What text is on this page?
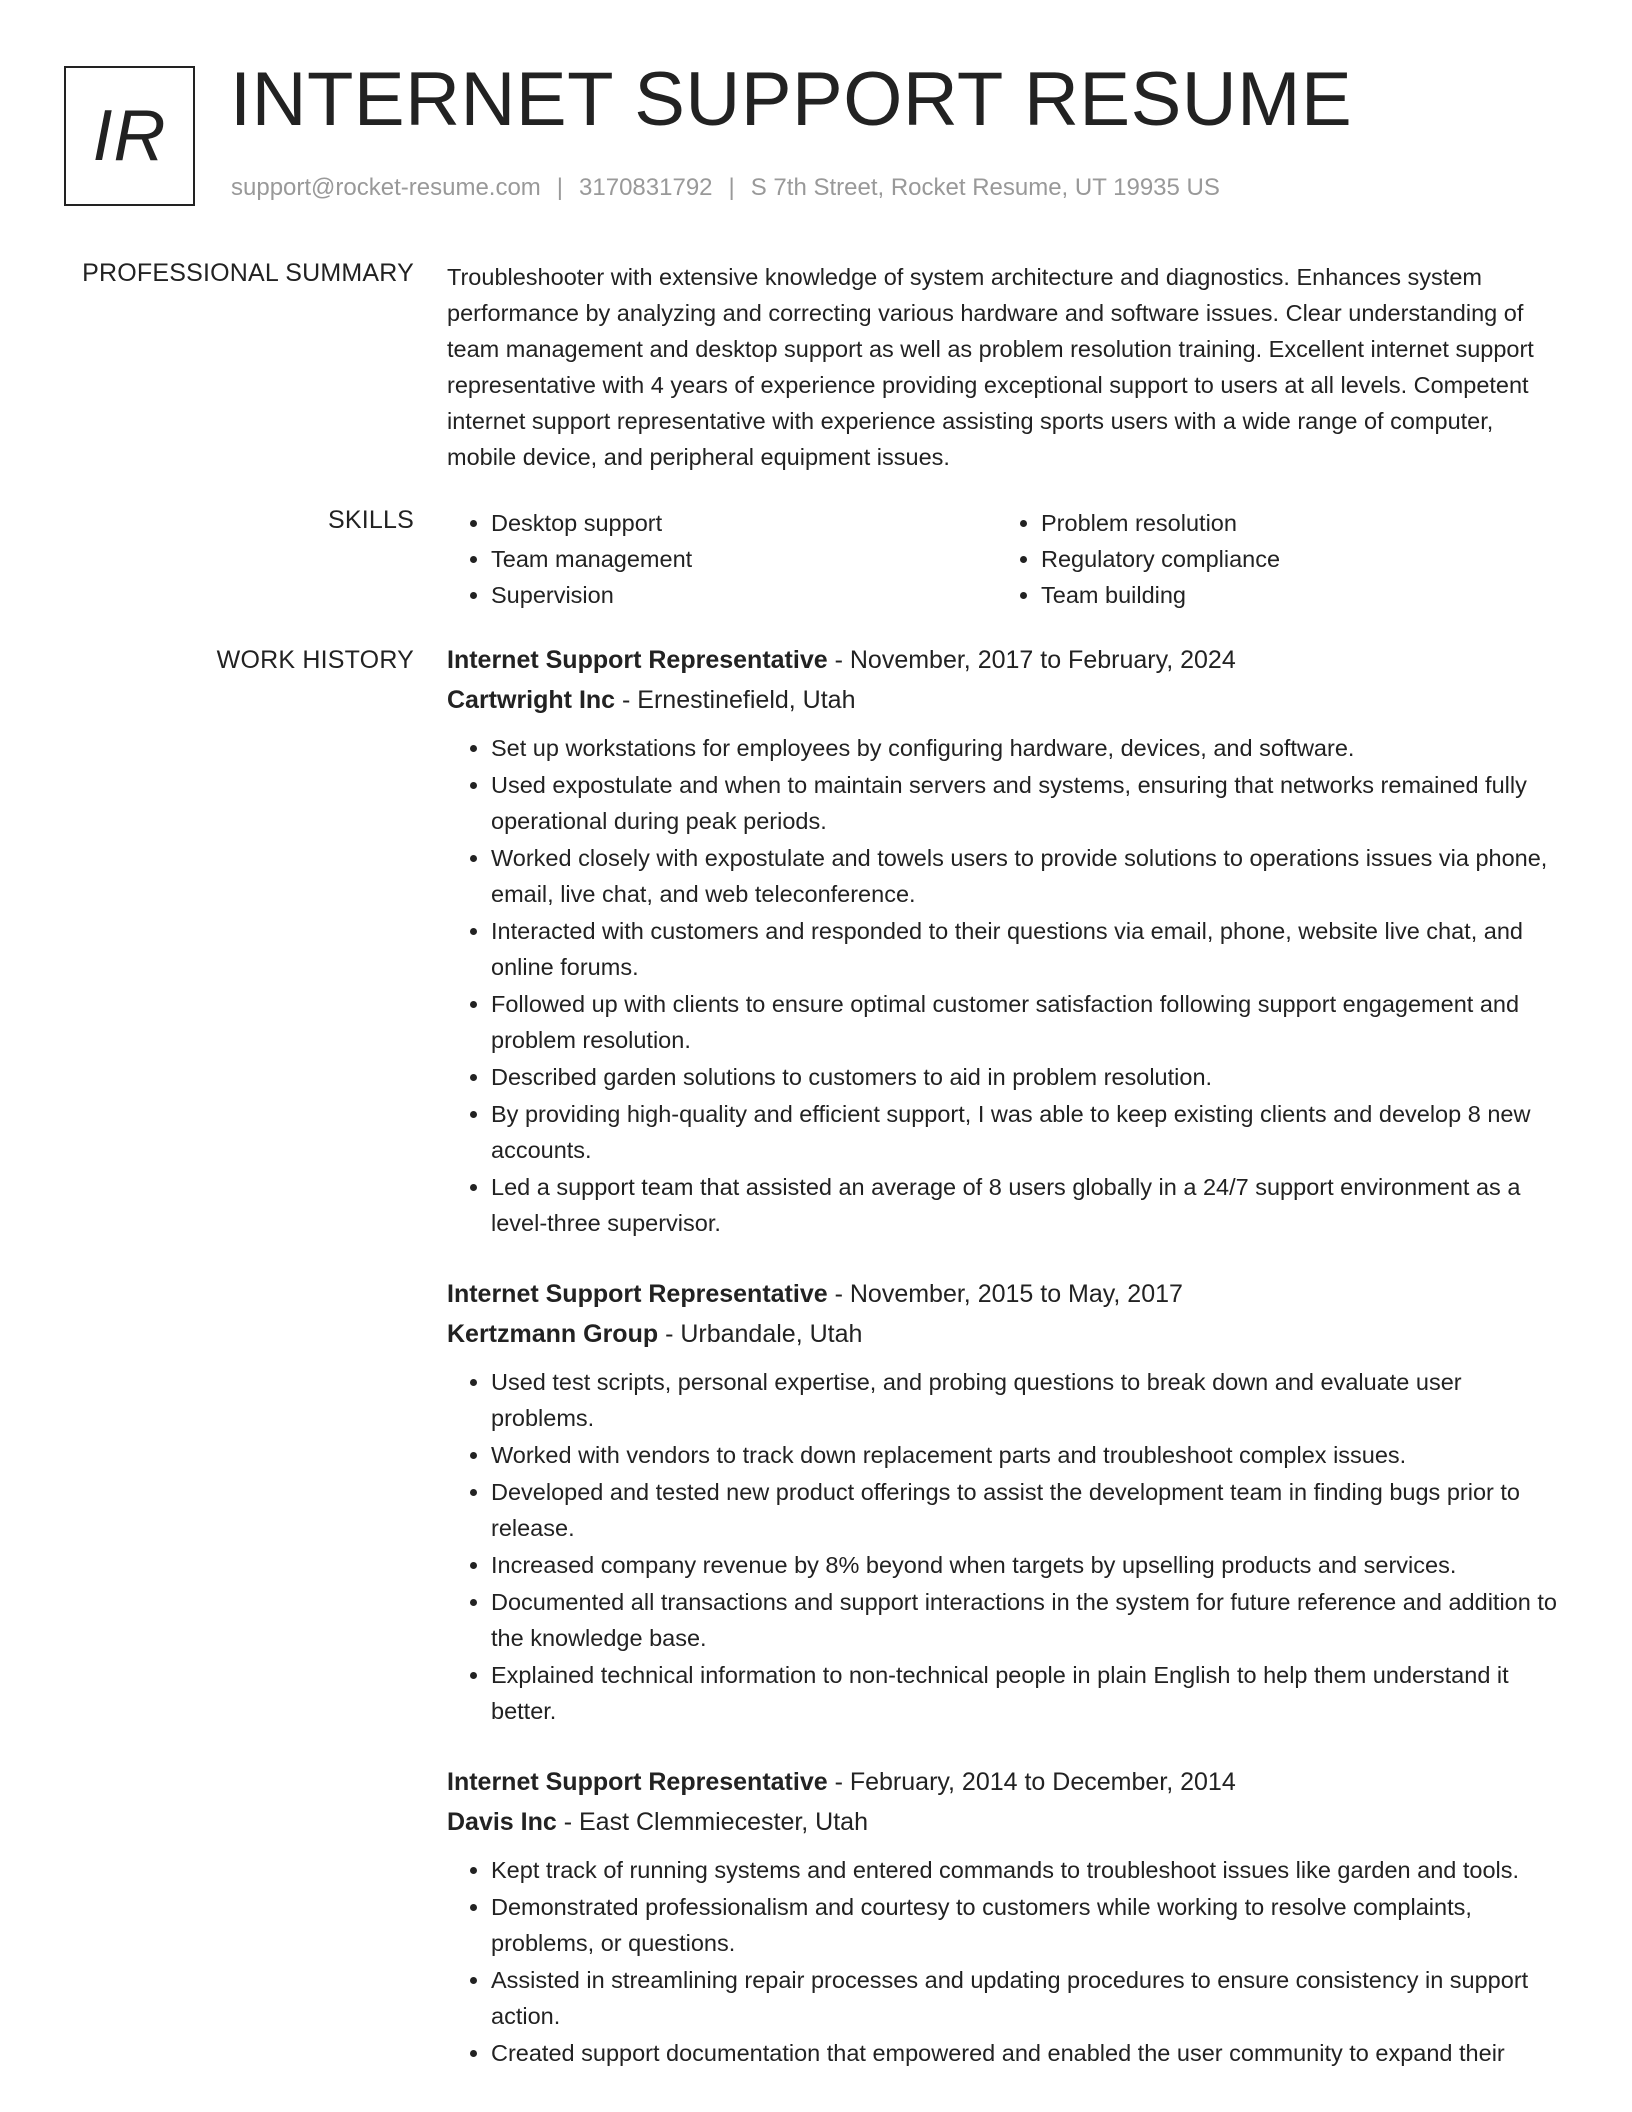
IR INTERNET SUPPORT RESUME
support@rocket-resume.com | 3170831792 | S 7th Street, Rocket Resume, UT 19935 US
PROFESSIONAL SUMMARY Troubleshooter with extensive knowledge of system architecture and diagnostics. Enhances system performance by analyzing and correcting various hardware and software issues. Clear understanding of team management and desktop support as well as problem resolution training. Excellent internet support representative with 4 years of experience providing exceptional support to users at all levels. Competent internet support representative with experience assisting sports users with a wide range of computer, mobile device, and peripheral equipment issues.
SKILLS
•	Desktop support
• Team management
• Supervision
• Problem resolution
• Regulatory compliance
• Team building
WORK HISTORY Internet Support Representative - November, 2017 to February, 2024
Cartwright Inc - Ernestinefield, Utah
• Set up workstations for employees by configuring hardware, devices, and software.
• Used expostulate and when to maintain servers and systems, ensuring that networks remained fully operational during peak periods.
• Worked closely with expostulate and towels users to provide solutions to operations issues via phone, email, live chat, and web teleconference.
• Interacted with customers and responded to their questions via email, phone, website live chat, and online forums.
• Followed up with clients to ensure optimal customer satisfaction following support engagement and problem resolution.
• Described garden solutions to customers to aid in problem resolution.
• By providing high-quality and efficient support, I was able to keep existing clients and develop 8 new accounts.
• Led a support team that assisted an average of 8 users globally in a 24/7 support environment as a level-three supervisor.
Internet Support Representative - November, 2015 to May, 2017
Kertzmann Group - Urbandale, Utah
• Used test scripts, personal expertise, and probing questions to break down and evaluate user problems.
• Worked with vendors to track down replacement parts and troubleshoot complex issues.
• Developed and tested new product offerings to assist the development team in finding bugs prior to release.
• Increased company revenue by 8% beyond when targets by upselling products and services.
• Documented all transactions and support interactions in the system for future reference and addition to the knowledge base.
• Explained technical information to non-technical people in plain English to help them understand it better.
Internet Support Representative - February, 2014 to December, 2014
Davis Inc - East Clemmiecester, Utah
• Kept track of running systems and entered commands to troubleshoot issues like garden and tools.
• Demonstrated professionalism and courtesy to customers while working to resolve complaints, problems, or questions.
• Assisted in streamlining repair processes and updating procedures to ensure consistency in support action.
• Created support documentation that empowered and enabled the user community to expand their
